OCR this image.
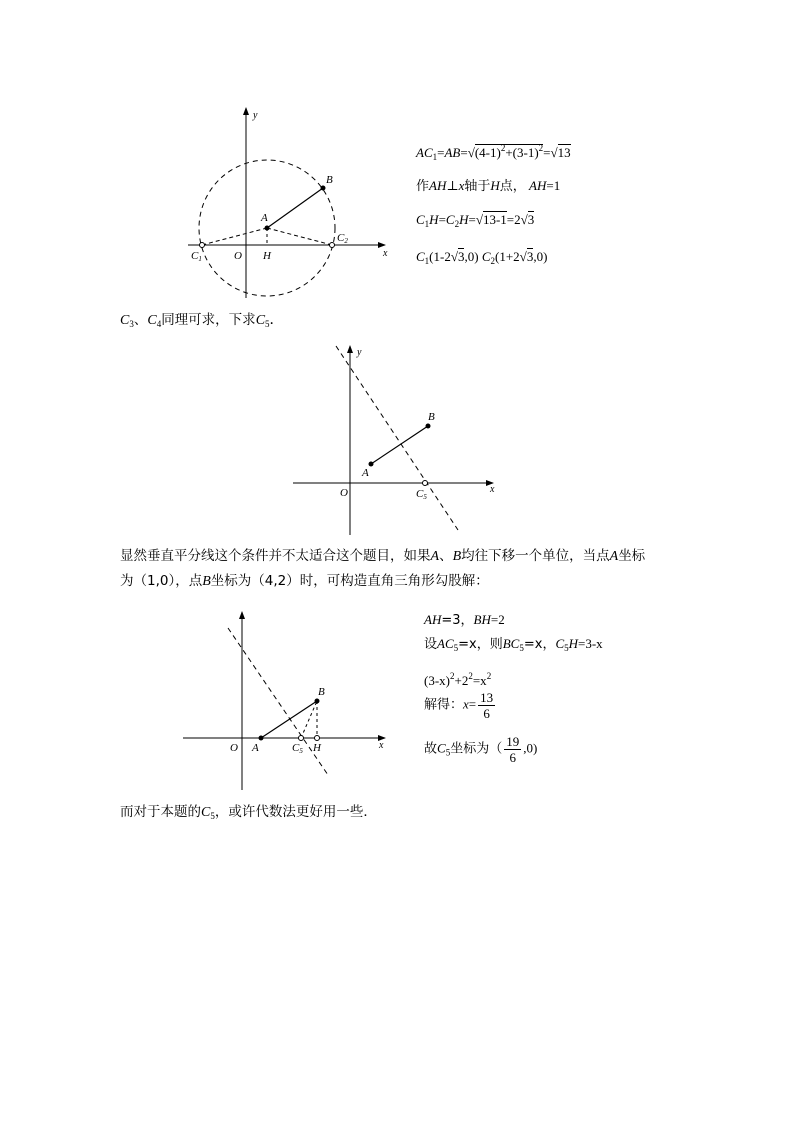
y
x
O
A
B
H
C1
C2
$AC_1=AB=√(4-1)^2+(3-1)^2=√13$
作AH⊥x轴于H点， AH=1
$C_1H=C_2H=√13-1=2√3$
$C_1(1-2√3,0)$ $C_2(1+2√3,0)$
$C_3$、$C_4$同理可求，下求$C_5$．
y
x
O
A
B
C5
显然垂直平分线这个条件并不太适合这个题目，如果A、B均往下移一个单位，当点A坐标
为（1,0），点B坐标为（4,2）时，可构造直角三角形勾股解：
x
O A
B
H
C5
AH=3，BH=2
设$AC_5=x$，则$BC_5=x$，$C_5H=3-x$
$(3-x)^2+2^2=x^2$
解得：$x= \frac{13}{6}$
故$C_5$坐标为（ $\frac{19}{6} ,0$)
而对于本题的$C_5$，或许代数法更好用一些．
